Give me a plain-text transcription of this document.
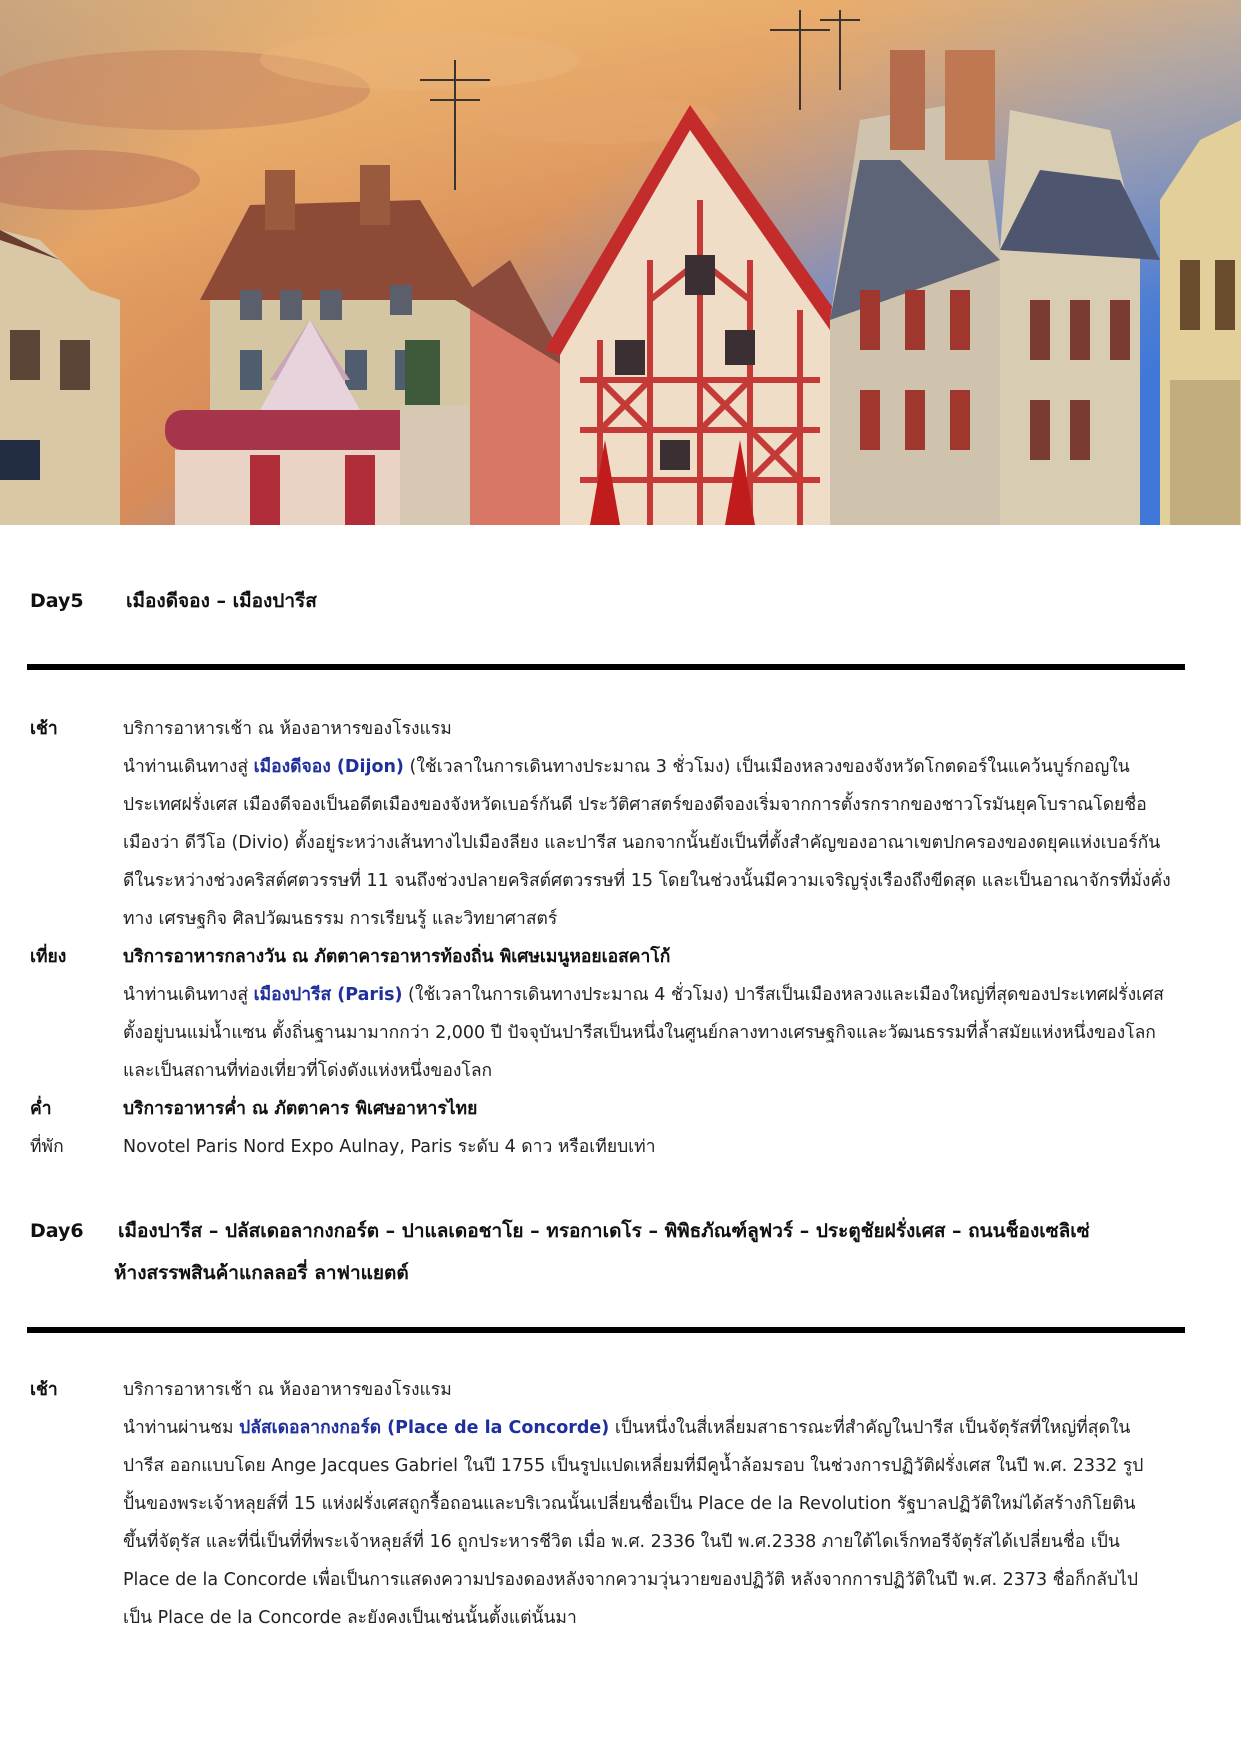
Day5 เมืองดีจอง – เมืองปารีส
เช้า	บริการอาหารเช้า ณ ห้องอาหารของโรงแรม

นำท่านเดินทางสู่ เมืองดีจอง (Dijon) (ใช้เวลาในการเดินทางประมาณ 3 ชั่วโมง) เป็นเมืองหลวงของจังหวัดโกตดอร์ในแคว้นบูร์กอญใน

ประเทศฝรั่งเศส เมืองดีจองเป็นอดีตเมืองของจังหวัดเบอร์กันดี ประวัติศาสตร์ของดีจองเริ่มจากการตั้งรกรากของชาวโรมันยุคโบราณโดยชื่อ

เมืองว่า ดีวีโอ (Divio) ตั้งอยู่ระหว่างเส้นทางไปเมืองลียง และปารีส นอกจากนั้นยังเป็นที่ตั้งสำคัญของอาณาเขตปกครองของดยุคแห่งเบอร์กัน

ดีในระหว่างช่วงคริสต์ศตวรรษที่ 11 จนถึงช่วงปลายคริสต์ศตวรรษที่ 15 โดยในช่วงนั้นมีความเจริญรุ่งเรืองถึงขีดสุด และเป็นอาณาจักรที่มั่งคั่ง

ทาง เศรษฐกิจ ศิลปวัฒนธรรม การเรียนรู้ และวิทยาศาสตร์

เที่ยง	บริการอาหารกลางวัน ณ ภัตตาคารอาหารท้องถิ่น พิเศษเมนูหอยเอสคาโก้

นำท่านเดินทางสู่ เมืองปารีส (Paris) (ใช้เวลาในการเดินทางประมาณ 4 ชั่วโมง) ปารีสเป็นเมืองหลวงและเมืองใหญ่ที่สุดของประเทศฝรั่งเศส

ตั้งอยู่บนแม่น้ำแซน ตั้งถิ่นฐานมามากกว่า 2,000 ปี ปัจจุบันปารีสเป็นหนึ่งในศูนย์กลางทางเศรษฐกิจและวัฒนธรรมที่ล้ำสมัยแห่งหนึ่งของโลก

และเป็นสถานที่ท่องเที่ยวที่โด่งดังแห่งหนึ่งของโลก

ค่ำ	บริการอาหารค่ำ ณ ภัตตาคาร พิเศษอาหารไทย

ที่พัก	Novotel Paris Nord Expo Aulnay, Paris ระดับ 4 ดาว หรือเทียบเท่า

Day6 เมืองปารีส – ปลัสเดอลากงกอร์ต – ปาแลเดอชาโย – ทรอกาเดโร – พิพิธภัณฑ์ลูฟวร์ – ประตูชัยฝรั่งเศส – ถนนช็องเซลิเซ่
ห้างสรรพสินค้าแกลลอรี่ ลาฟาแยตต์
เช้า	บริการอาหารเช้า ณ ห้องอาหารของโรงแรม

นำท่านผ่านชม ปลัสเดอลากงกอร์ด (Place de la Concorde) เป็นหนึ่งในสี่เหลี่ยมสาธารณะที่สำคัญในปารีส เป็นจัตุรัสที่ใหญ่ที่สุดใน

ปารีส ออกแบบโดย Ange Jacques Gabriel ในปี 1755 เป็นรูปแปดเหลี่ยมที่มีคูน้ำล้อมรอบ ในช่วงการปฏิวัติฝรั่งเศส ในปี พ.ศ. 2332 รูป

ปั้นของพระเจ้าหลุยส์ที่ 15 แห่งฝรั่งเศสถูกรื้อถอนและบริเวณนั้นเปลี่ยนชื่อเป็น Place de la Revolution รัฐบาลปฏิวัติใหม่ได้สร้างกิโยติน

ขึ้นที่จัตุรัส และที่นี่เป็นที่ที่พระเจ้าหลุยส์ที่ 16 ถูกประหารชีวิต เมื่อ พ.ศ. 2336 ในปี พ.ศ.2338 ภายใต้ไดเร็กทอรีจัตุรัสได้เปลี่ยนชื่อ เป็น

Place de la Concorde เพื่อเป็นการแสดงความปรองดองหลังจากความวุ่นวายของปฏิวัติ หลังจากการปฏิวัติในปี พ.ศ. 2373 ชื่อก็กลับไป

เป็น Place de la Concorde ละยังคงเป็นเช่นนั้นตั้งแต่นั้นมา
